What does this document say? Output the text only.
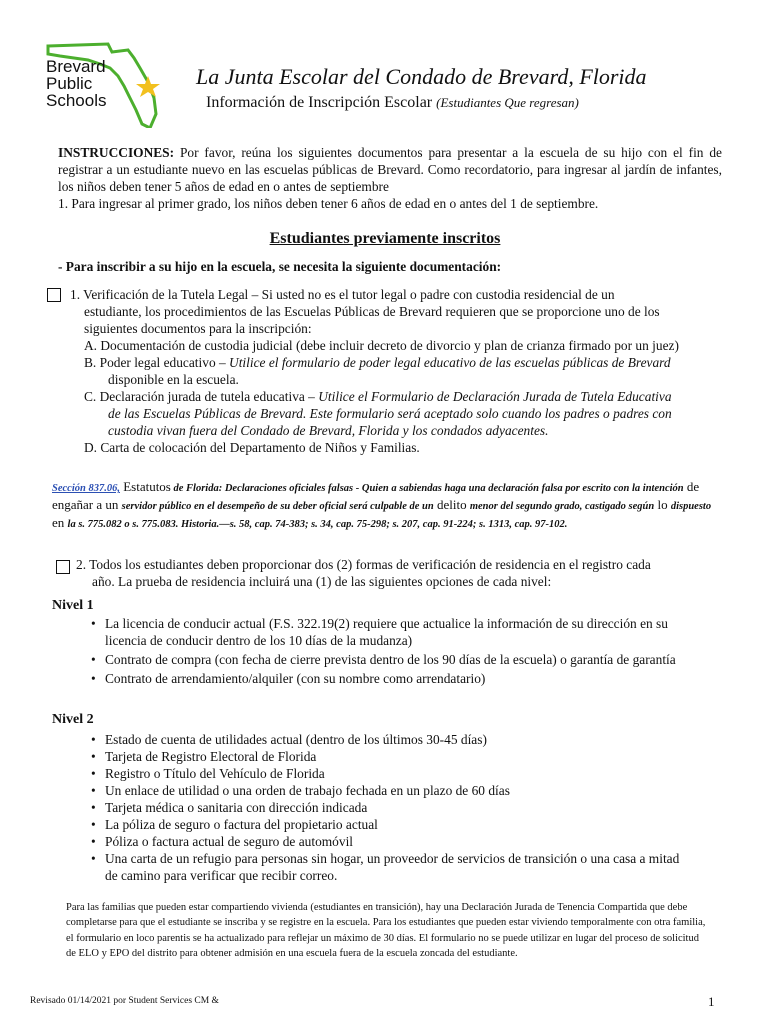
Brevard
Public
Schools
La Junta Escolar del Condado de Brevard, Florida
Información de Inscripción Escolar (Estudiantes Que regresan)
INSTRUCCIONES: Por favor, reúna los siguientes documentos para presentar a la escuela de su hijo con el fin de registrar a un estudiante nuevo en las escuelas públicas de Brevard. Como recordatorio, para ingresar al jardín de infantes, los niños deben tener 5 años de edad en o antes de septiembre
1. Para ingresar al primer grado, los niños deben tener 6 años de edad en o antes del 1 de septiembre.
Estudiantes previamente inscritos
- Para inscribir a su hijo en la escuela, se necesita la siguiente documentación:
1. Verificación de la Tutela Legal – Si usted no es el tutor legal o padre con custodia residencial de un
estudiante, los procedimientos de las Escuelas Públicas de Brevard requieren que se proporcione uno de los
siguientes documentos para la inscripción:
A. Documentación de custodia judicial (debe incluir decreto de divorcio y plan de crianza firmado por un juez)
B. Poder legal educativo – Utilice el formulario de poder legal educativo de las escuelas públicas de Brevard
disponible en la escuela.
C. Declaración jurada de tutela educativa – Utilice el Formulario de Declaración Jurada de Tutela Educativa
de las Escuelas Públicas de Brevard. Este formulario será aceptado solo cuando los padres o padres con
custodia vivan fuera del Condado de Brevard, Florida y los condados adyacentes.
D. Carta de colocación del Departamento de Niños y Familias.
Sección 837.06, Estatutos de Florida: Declaraciones oficiales falsas - Quien a sabiendas haga una declaración falsa por escrito con la intención de engañar a un servidor público en el desempeño de su deber oficial será culpable de un delito menor del segundo grado, castigado según lo dispuesto en la s. 775.082 o s. 775.083. Historia.—s. 58, cap. 74-383; s. 34, cap. 75-298; s. 207, cap. 91-224; s. 1313, cap. 97-102.
2. Todos los estudiantes deben proporcionar dos (2) formas de verificación de residencia en el registro cada
año. La prueba de residencia incluirá una (1) de las siguientes opciones de cada nivel:
Nivel 1
• La licencia de conducir actual (F.S. 322.19(2) requiere que actualice la información de su dirección en su licencia de conducir dentro de los 10 días de la mudanza)
• Contrato de compra (con fecha de cierre prevista dentro de los 90 días de la escuela) o garantía de garantía
• Contrato de arrendamiento/alquiler (con su nombre como arrendatario)
Nivel 2
• Estado de cuenta de utilidades actual (dentro de los últimos 30-45 días)
• Tarjeta de Registro Electoral de Florida
• Registro o Título del Vehículo de Florida
• Un enlace de utilidad o una orden de trabajo fechada en un plazo de 60 días
• Tarjeta médica o sanitaria con dirección indicada
• La póliza de seguro o factura del propietario actual
• Póliza o factura actual de seguro de automóvil
• Una carta de un refugio para personas sin hogar, un proveedor de servicios de transición o una casa a mitad de camino para verificar que recibir correo.
Para las familias que pueden estar compartiendo vivienda (estudiantes en transición), hay una Declaración Jurada de Tenencia Compartida que debe completarse para que el estudiante se inscriba y se registre en la escuela. Para los estudiantes que pueden estar viviendo temporalmente con otra familia, el formulario en loco parentis se ha actualizado para reflejar un máximo de 30 días. El formulario no se puede utilizar en lugar del proceso de solicitud de ELO y EPO del distrito para obtener admisión en una escuela fuera de la escuela zoncada del estudiante.
Revisado 01/14/2021 por Student Services CM &	1
